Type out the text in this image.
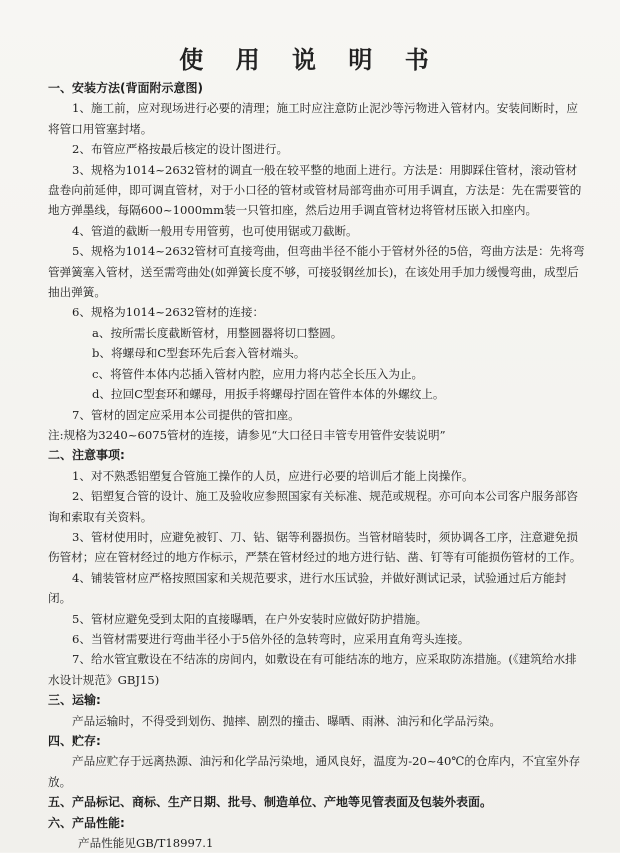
使 用 说 明 书

一、安装方法(背面附示意图)

1、施工前，应对现场进行必要的清理；施工时应注意防止泥沙等污物进入管材内。安装间断时，应将管口用管塞封堵。

2、布管应严格按最后核定的设计图进行。

3、规格为1014~2632管材的调直一般在较平整的地面上进行。方法是：用脚踩住管材，滚动管材盘卷向前延伸，即可调直管材，对于小口径的管材或管材局部弯曲亦可用手调直，方法是：先在需要管的地方弹墨线，每隔600~1000mm装一只管扣座，然后边用手调直管材边将管材压嵌入扣座内。

4、管道的截断一般用专用管剪，也可使用锯或刀截断。

5、规格为1014~2632管材可直接弯曲，但弯曲半径不能小于管材外径的5倍，弯曲方法是：先将弯管弹簧塞入管材，送至需弯曲处(如弹簧长度不够，可接驳钢丝加长)，在该处用手加力缓慢弯曲，成型后抽出弹簧。

6、规格为1014~2632管材的连接：

a、按所需长度截断管材，用整圆器将切口整圆。

b、将螺母和C型套环先后套入管材端头。

c、将管件本体内芯插入管材内腔，应用力将内芯全长压入为止。

d、拉回C型套环和螺母，用扳手将螺母拧固在管件本体的外螺纹上。

7、管材的固定应采用本公司提供的管扣座。

注:规格为3240~6075管材的连接，请参见“大口径日丰管专用管件安装说明”

二、注意事项:

1、对不熟悉铝塑复合管施工操作的人员，应进行必要的培训后才能上岗操作。

2、铝塑复合管的设计、施工及验收应参照国家有关标准、规范或规程。亦可向本公司客户服务部咨询和索取有关资料。

3、管材使用时，应避免被钉、刀、钻、锯等利器损伤。当管材暗装时，须协调各工序，注意避免损伤管材；应在管材经过的地方作标示，严禁在管材经过的地方进行钻、凿、钉等有可能损伤管材的工作。

4、铺装管材应严格按照国家和关规范要求，进行水压试验，并做好测试记录，试验通过后方能封闭。

5、管材应避免受到太阳的直接曝晒，在户外安装时应做好防护措施。

6、当管材需要进行弯曲半径小于5倍外径的急转弯时，应采用直角弯头连接。

7、给水管宜敷设在不结冻的房间内，如敷设在有可能结冻的地方，应采取防冻措施。(《建筑给水排水设计规范》GBJ15)

三、运输:

产品运输时，不得受到划伤、抛摔、剧烈的撞击、曝晒、雨淋、油污和化学品污染。

四、贮存:

产品应贮存于远离热源、油污和化学品污染地，通风良好，温度为-20~40℃的仓库内，不宜室外存放。

五、产品标记、商标、生产日期、批号、制造单位、产地等见管表面及包装外表面。

六、产品性能:

产品性能见GB/T18997.1
